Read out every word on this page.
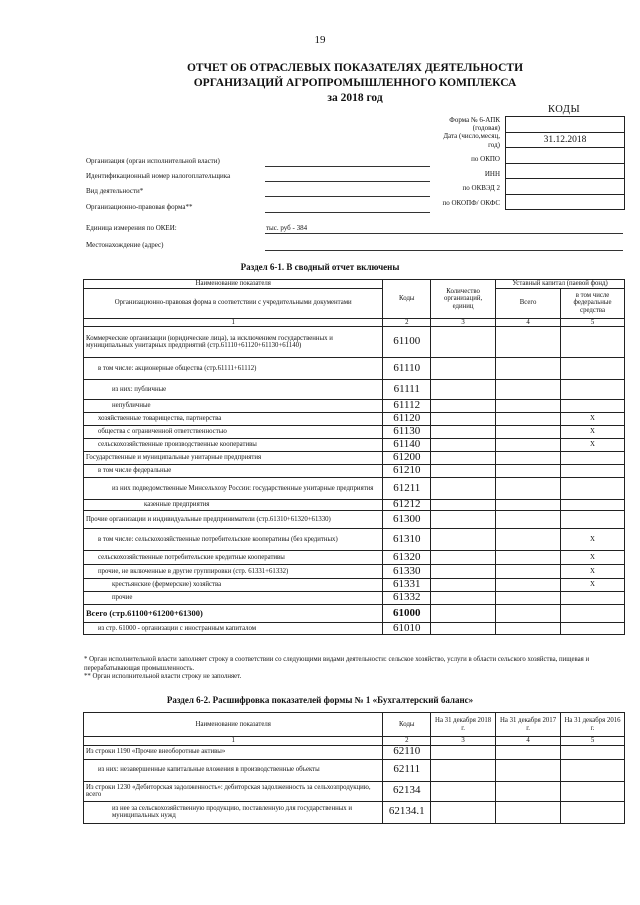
19
ОТЧЕТ ОБ ОТРАСЛЕВЫХ ПОКАЗАТЕЛЯХ ДЕЯТЕЛЬНОСТИ
ОРГАНИЗАЦИЙ АГРОПРОМЫШЛЕННОГО КОМПЛЕКСА
за 2018 год
КОДЫ
31.12.2018
Форма № 6-АПК
(годовая)
Дата (число,месяц,
год)
по ОКПО
ИНН
по ОКВЭД 2
по ОКОПФ/ ОКФС
Организация (орган исполнительной власти)
Идентификационный номер налогоплательщика
Вид деятельности*
Организационно-правовая форма**
Единица измерения по ОКЕИ:	тыс. руб - 384
Местонахождение (адрес)
Раздел 6-1. В сводный отчет включены
Наименование показателя	Коды	Количество организаций, единиц	Уставный капитал (паевой фонд)	
Организационно-правовая форма в соответствии с учредительными документами			Всего	в том числе федеральные средства
1	2	3	4	5
Коммерческие организации (юридические лица), за исключением государственных и муниципальных унитарных предприятий (стр.61110+61120+61130+61140)	61100			
в том числе: акционерные общества (стр.61111+61112)	61110			
из них: публичные	61111			
непубличные	61112			
хозяйственные товарищества, партнерства	61120			X
общества с ограниченной ответственностью	61130			X
сельскохозяйственные производственные кооперативы	61140			X
Государственные и муниципальные унитарные предприятия	61200			
в том числе федеральные	61210			
из них подведомственные Минсельхозу России: государственные унитарные предприятия	61211			
казенные предприятия	61212			
Прочие организации и индивидуальные предприниматели (стр.61310+61320+61330)	61300			
в том числе: сельскохозяйственные потребительские кооперативы (без кредитных)	61310			X
сельскохозяйственные потребительские кредитные кооперативы	61320			X
прочие, не включенные в другие группировки (стр. 61331+61332)	61330			X
крестьянские (фермерские) хозяйства	61331			X
прочие	61332			
Всего (стр.61100+61200+61300)	61000			
из стр. 61000 - организации с иностранным капиталом	61010			
* Орган исполнительной власти заполняет строку в соответствии со следующими видами деятельности: сельское хозяйство, услуги в области сельского хозяйства, пищевая и перерабатывающая промышленность.
** Орган исполнительной власти строку не заполняет.
Раздел 6-2. Расшифровка показателей формы № 1 «Бухгалтерский баланс»
Наименование показателя	Коды	На 31 декабря 2018 г.	На 31 декабря 2017 г.	На 31 декабря 2016 г.
1	2	3	4	5
Из строки 1190 «Прочие внеоборотные активы»	62110			
из них: незавершенные капитальные вложения в производственные объекты	62111			
Из строки 1230 «Дебиторская задолженность»: дебиторская задолженность за сельхозпродукцию, всего	62134			
из нее за сельскохозяйственную продукцию, поставленную для государственных и муниципальных нужд	62134.1			
